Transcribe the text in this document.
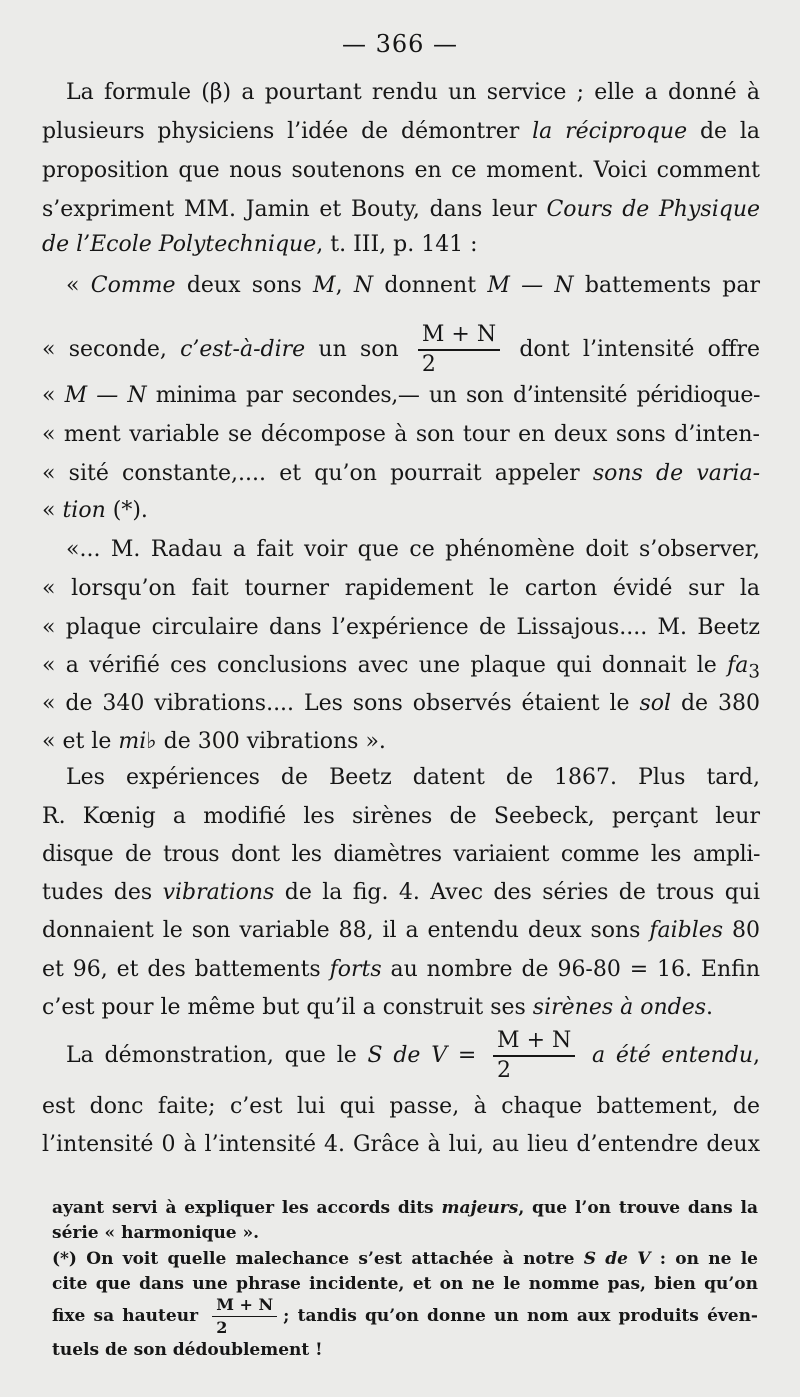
— 366 —
La formule (β) a pourtant rendu un service ; elle a donné à
plusieurs physiciens l’idée de démontrer la réciproque de la
proposition que nous soutenons en ce moment. Voici comment
s’expriment MM. Jamin et Bouty, dans leur Cours de Physique
de l’Ecole Polytechnique, t. III, p. 141 :
« Comme deux sons M, N donnent M — N battements par
« seconde, c’est-à-dire un son $\frac{M + N}{2}$ dont l’intensité offre
« M — N minima par secondes,— un son d’intensité péridioque-
« ment variable se décompose à son tour en deux sons d’inten-
« sité constante,.... et qu’on pourrait appeler sons de varia-
« tion (*).
«... M. Radau a fait voir que ce phénomène doit s’observer,
« lorsqu’on fait tourner rapidement le carton évidé sur la
« plaque circulaire dans l’expérience de Lissajous.... M. Beetz
« a vérifié ces conclusions avec une plaque qui donnait le $fa_3$
« de 340 vibrations.... Les sons observés étaient le sol de 380
« et le mi♭ de 300 vibrations ».
Les expériences de Beetz datent de 1867. Plus tard,
R. Kœnig a modifié les sirènes de Seebeck, perçant leur
disque de trous dont les diamètres variaient comme les ampli-
tudes des vibrations de la fig. 4. Avec des séries de trous qui
donnaient le son variable 88, il a entendu deux sons faibles 80
et 96, et des battements forts au nombre de 96-80 = 16. Enfin
c’est pour le même but qu’il a construit ses sirènes à ondes.
La démonstration, que le S de $V = \frac{M + N}{2}$ a été entendu,
est donc faite; c’est lui qui passe, à chaque battement, de
l’intensité 0 à l’intensité 4. Grâce à lui, au lieu d’entendre deux
ayant servi à expliquer les accords dits majeurs, que l’on trouve dans la
série « harmonique ».
(*) On voit quelle malechance s’est attachée à notre S de V : on ne le
cite que dans une phrase incidente, et on ne le nomme pas, bien qu’on
fixe sa hauteur $\frac{M + N}{2}$ ; tandis qu’on donne un nom aux produits éven-
tuels de son dédoublement !
